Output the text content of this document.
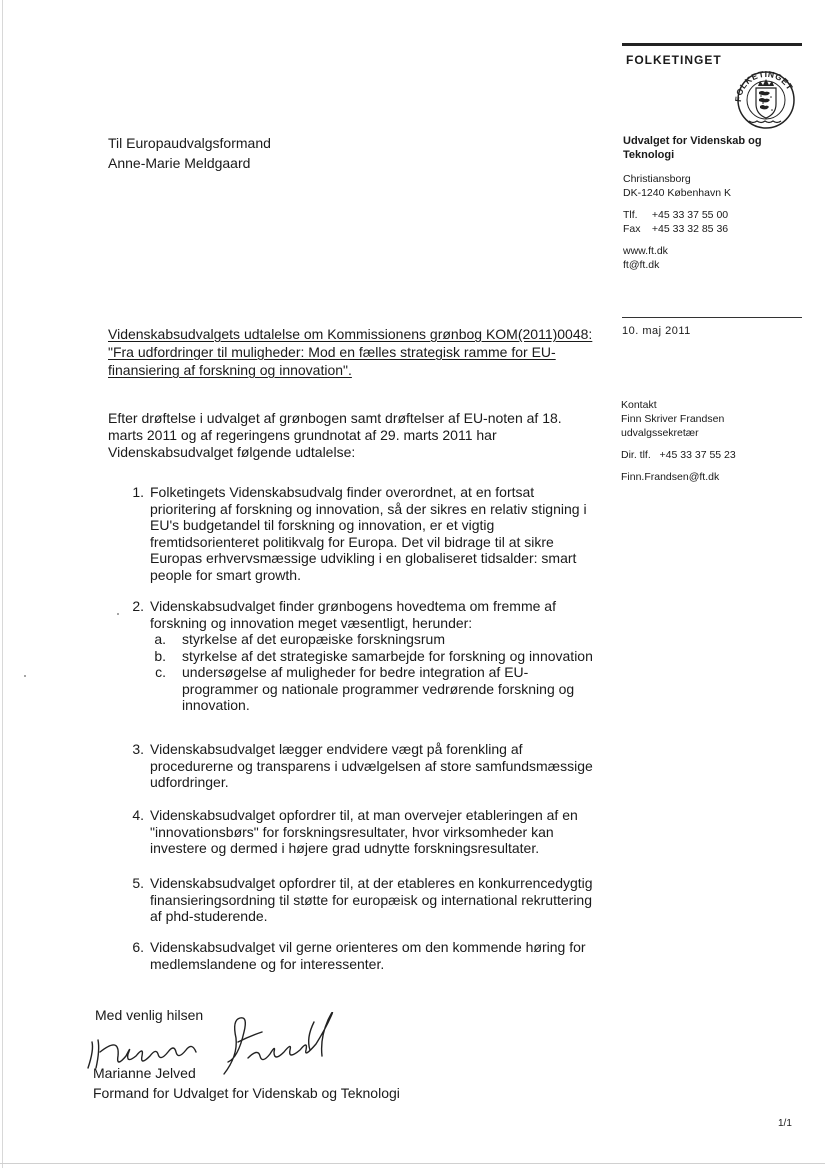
FOLKETINGET
FOLKETINGET
Udvalget for Videnskab og Teknologi
Christiansborg
DK-1240 København K
Tlf. +45 33 37 55 00
Fax +45 33 32 85 36
www.ft.dk
ft@ft.dk
Til Europaudvalgsformand
Anne-Marie Meldgaard
10. maj 2011
Videnskabsudvalgets udtalelse om Kommissionens grønbog KOM(2011)0048: "Fra udfordringer til muligheder: Mod en fælles strategisk ramme for EU-finansiering af forskning og innovation".
Kontakt
Finn Skriver Frandsen
udvalgssekretær
Dir. tlf. +45 33 37 55 23
Finn.Frandsen@ft.dk
Efter drøftelse i udvalget af grønbogen samt drøftelser af EU-noten af 18. marts 2011 og af regeringens grundnotat af 29. marts 2011 har Videnskabsudvalget følgende udtalelse:
1. Folketingets Videnskabsudvalg finder overordnet, at en fortsat prioritering af forskning og innovation, så der sikres en relativ stigning i EU's budgetandel til forskning og innovation, er et vigtig fremtidsorienteret politikvalg for Europa. Det vil bidrage til at sikre Europas erhvervsmæssige udvikling i en globaliseret tidsalder: smart people for smart growth.
2. Videnskabsudvalget finder grønbogens hovedtema om fremme af forskning og innovation meget væsentligt, herunder:
a. styrkelse af det europæiske forskningsrum
b. styrkelse af det strategiske samarbejde for forskning og innovation
c. undersøgelse af muligheder for bedre integration af EU-programmer og nationale programmer vedrørende forskning og innovation.
3. Videnskabsudvalget lægger endvidere vægt på forenkling af procedurerne og transparens i udvælgelsen af store samfundsmæssige udfordringer.
4. Videnskabsudvalget opfordrer til, at man overvejer etableringen af en "innovationsbørs" for forskningsresultater, hvor virksomheder kan investere og dermed i højere grad udnytte forskningsresultater.
5. Videnskabsudvalget opfordrer til, at der etableres en konkurrencedygtig finansieringsordning til støtte for europæisk og international rekruttering af phd-studerende.
6. Videnskabsudvalget vil gerne orienteres om den kommende høring for medlemslandene og for interessenter.
Med venlig hilsen
Marianne Jelved
Formand for Udvalget for Videnskab og Teknologi
1/1
